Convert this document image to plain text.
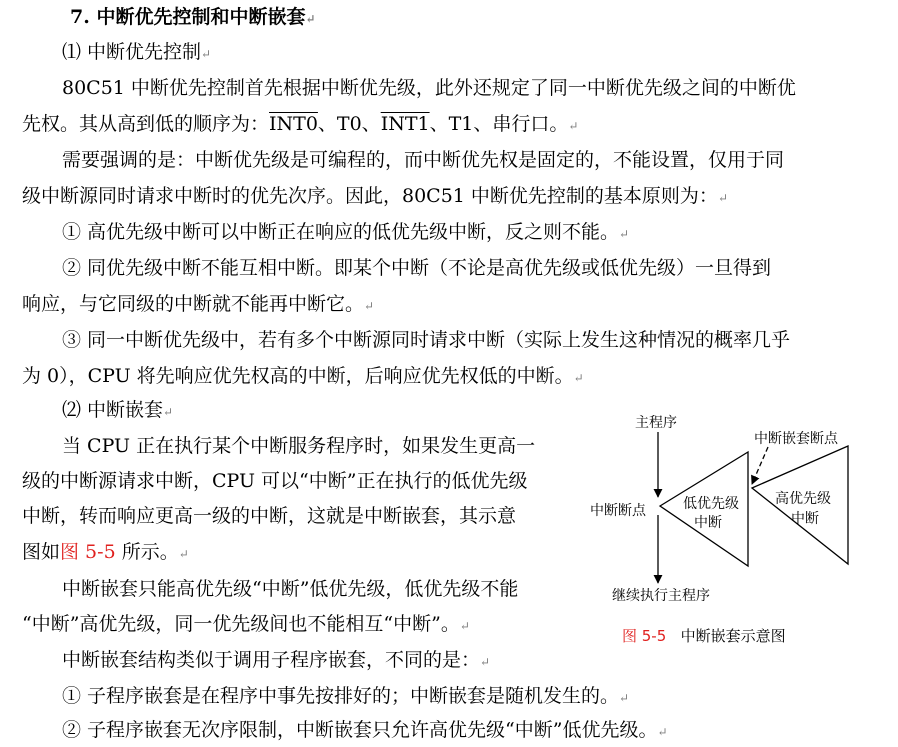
7. 中断优先控制和中断嵌套↵
⑴ 中断优先控制↵
80C51 中断优先控制首先根据中断优先级，此外还规定了同一中断优先级之间的中断优
先权。其从高到低的顺序为：INT0、T0、INT1、T1、串行口。↵
需要强调的是：中断优先级是可编程的，而中断优先权是固定的，不能设置，仅用于同
级中断源同时请求中断时的优先次序。因此，80C51 中断优先控制的基本原则为：↵
① 高优先级中断可以中断正在响应的低优先级中断，反之则不能。↵
② 同优先级中断不能互相中断。即某个中断（不论是高优先级或低优先级）一旦得到
响应，与它同级的中断就不能再中断它。↵
③ 同一中断优先级中，若有多个中断源同时请求中断（实际上发生这种情况的概率几乎
为 0），CPU 将先响应优先权高的中断，后响应优先权低的中断。↵
⑵ 中断嵌套↵
当 CPU 正在执行某个中断服务程序时，如果发生更高一
级的中断源请求中断，CPU 可以“中断”正在执行的低优先级
中断，转而响应更高一级的中断，这就是中断嵌套，其示意
图如图 5-5 所示。↵
中断嵌套只能高优先级“中断”低优先级，低优先级不能
“中断”高优先级，同一优先级间也不能相互“中断”。↵
中断嵌套结构类似于调用子程序嵌套，不同的是：↵
① 子程序嵌套是在程序中事先按排好的；中断嵌套是随机发生的。↵
② 子程序嵌套无次序限制，中断嵌套只允许高优先级“中断”低优先级。↵
主程序
中断嵌套断点
中断断点	低优先级
中断
高优先级
中断
继续执行主程序
图 5-5 中断嵌套示意图
